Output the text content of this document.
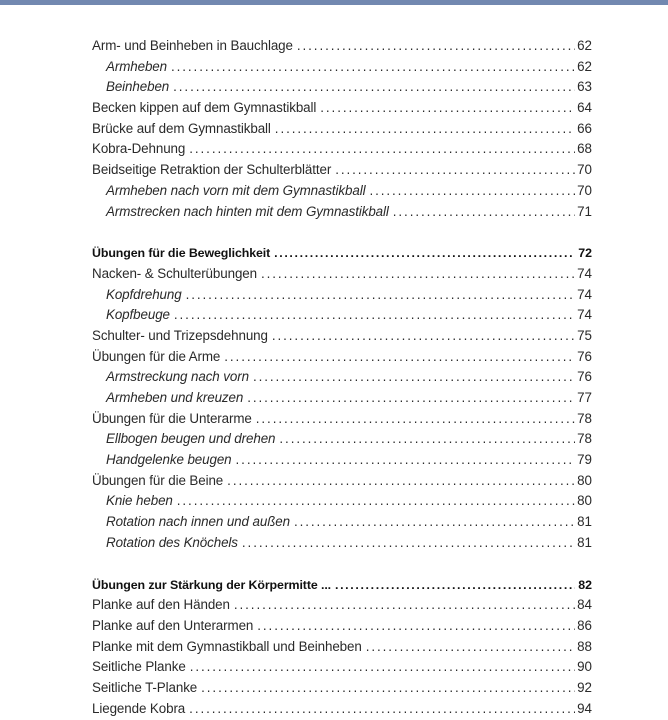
Arm- und Beinheben in Bauchlage . . .	62
Armheben . . .	62
Beinheben . . .	63
Becken kippen auf dem Gymnastikball . . .	64
Brücke auf dem Gymnastikball . . .	66
Kobra-Dehnung . . .	68
Beidseitige Retraktion der Schulterblätter . . .	70
Armheben nach vorn mit dem Gymnastikball . . .	70
Armstrecken nach hinten mit dem Gymnastikball . . .	71
Übungen für die Beweglichkeit . . .	72
Nacken- & Schulterübungen . . .	74
Kopfdrehung . . .	74
Kopfbeuge . . .	74
Schulter- und Trizepsdehnung . . .	75
Übungen für die Arme . . .	76
Armstreckung nach vorn . . .	76
Armheben und kreuzen . . .	77
Übungen für die Unterarme . . .	78
Ellbogen beugen und drehen . . .	78
Handgelenke beugen . . .	79
Übungen für die Beine . . .	80
Knie heben . . .	80
Rotation nach innen und außen . . .	81
Rotation des Knöchels . . .	81
Übungen zur Stärkung der Körpermitte ... . . .	82
Planke auf den Händen . . .	84
Planke auf den Unterarmen . . .	86
Planke mit dem Gymnastikball und Beinheben . . .	88
Seitliche Planke . . .	90
Seitliche T-Planke . . .	92
Liegende Kobra . . .	94
